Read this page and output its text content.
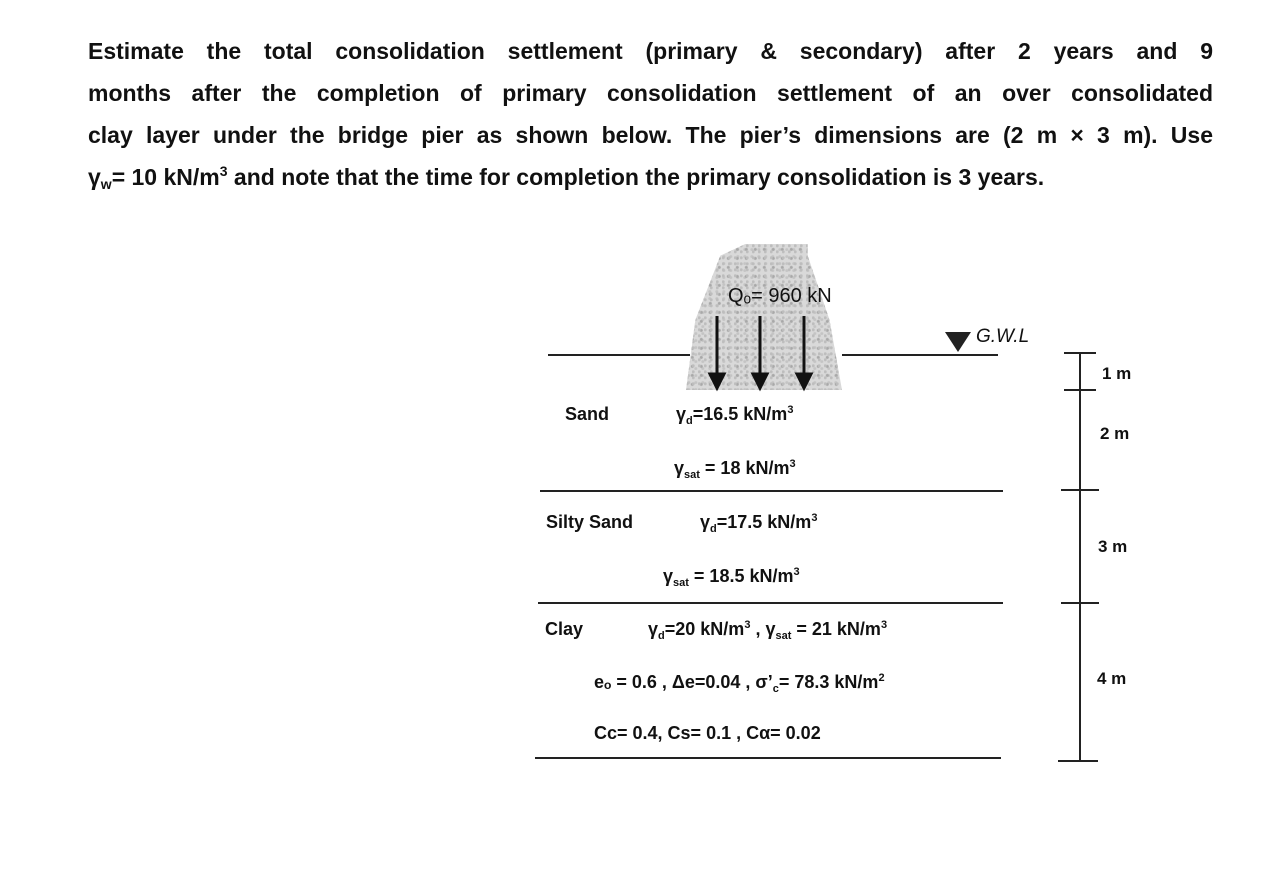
Estimate the total consolidation settlement (primary & secondary) after 2 years and 9
months after the completion of primary consolidation settlement of an over consolidated
clay layer under the bridge pier as shown below. The pier’s dimensions are (2 m × 3 m). Use
γw= 10 $kN/m^3$ and note that the time for completion the primary consolidation is 3 years.
Qₒ= 960 kN
G.W.L
Sand	$\gamma_d=16.5$ $kN/m^3$
$\gamma_{sat} = 18$ $kN/m^3$
Silty Sand	$\gamma_d=17.5$ $kN/m^3$
$\gamma_{sat} = 18.5$ $kN/m^3$
Clay	$\gamma_d=20$ $kN/m^3$ , $\gamma_{sat} = 21$ $kN/m^3$
eₒ = 0.6 , Δe=0.04 , $\sigma’_c= 78.3$ $kN/m^2$
Cc= 0.4, Cs= 0.1 , Cα= 0.02
1 m
2 m
3 m
4 m
